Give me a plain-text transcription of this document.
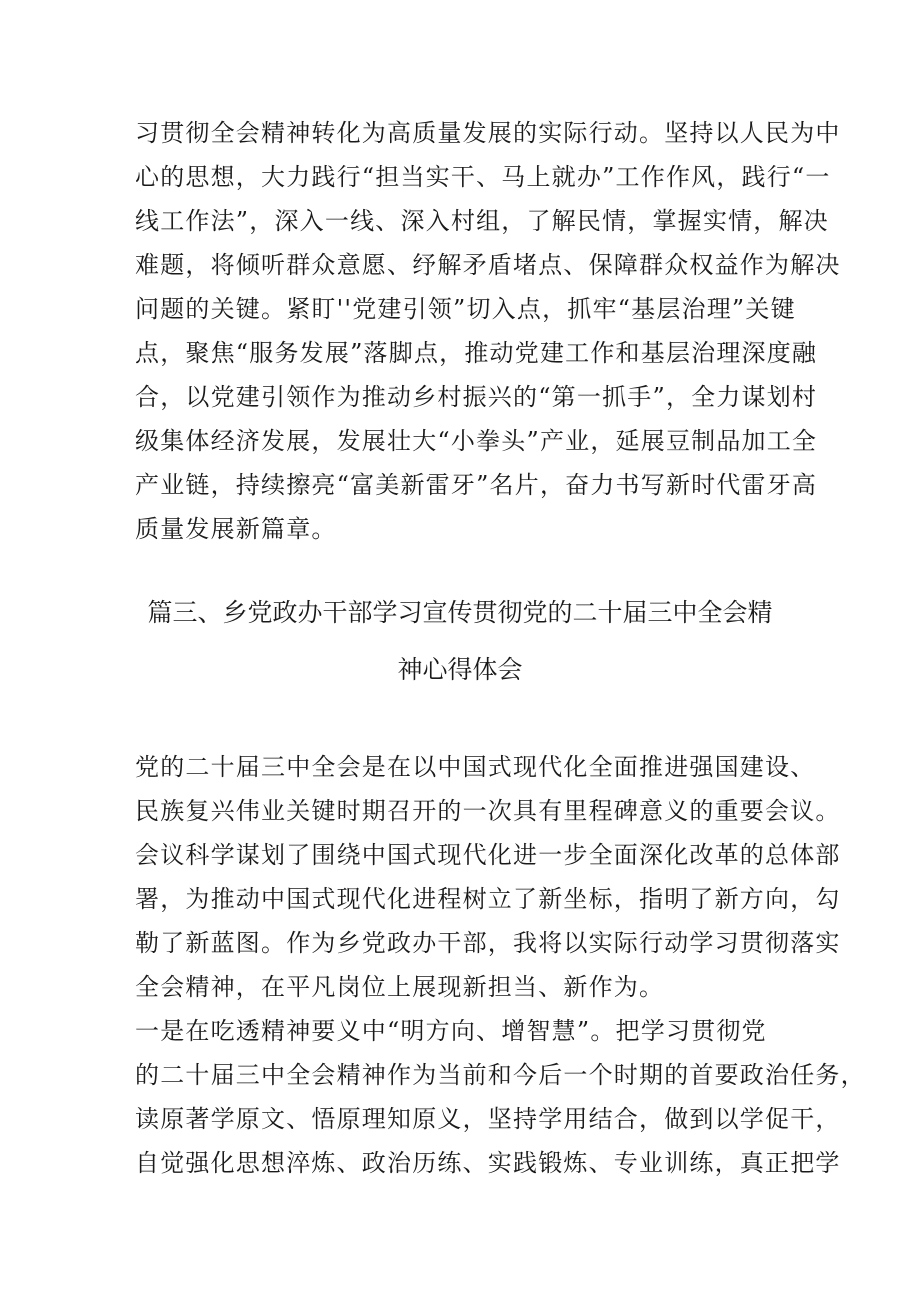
习贯彻全会精神转化为高质量发展的实际行动。坚持以人民为中
心的思想，大力践行“担当实干、马上就办”工作作风，践行“一
线工作法”，深入一线、深入村组，了解民情，掌握实情，解决
难题，将倾听群众意愿、纾解矛盾堵点、保障群众权益作为解决
问题的关键。紧盯''党建引领”切入点，抓牢“基层治理”关键
点，聚焦“服务发展”落脚点，推动党建工作和基层治理深度融
合，以党建引领作为推动乡村振兴的“第一抓手”，全力谋划村
级集体经济发展，发展壮大“小拳头”产业，延展豆制品加工全
产业链，持续擦亮“富美新雷牙”名片，奋力书写新时代雷牙高
质量发展新篇章。
篇三、乡党政办干部学习宣传贯彻党的二十届三中全会精
神心得体会
党的二十届三中全会是在以中国式现代化全面推进强国建设、
民族复兴伟业关键时期召开的一次具有里程碑意义的重要会议。
会议科学谋划了围绕中国式现代化进一步全面深化改革的总体部
署，为推动中国式现代化进程树立了新坐标，指明了新方向，勾
勒了新蓝图。作为乡党政办干部，我将以实际行动学习贯彻落实
全会精神，在平凡岗位上展现新担当、新作为。
一是在吃透精神要义中“明方向、增智慧”。把学习贯彻党
的二十届三中全会精神作为当前和今后一个时期的首要政治任务，
读原著学原文、悟原理知原义，坚持学用结合，做到以学促干，
自觉强化思想淬炼、政治历练、实践锻炼、专业训练，真正把学
